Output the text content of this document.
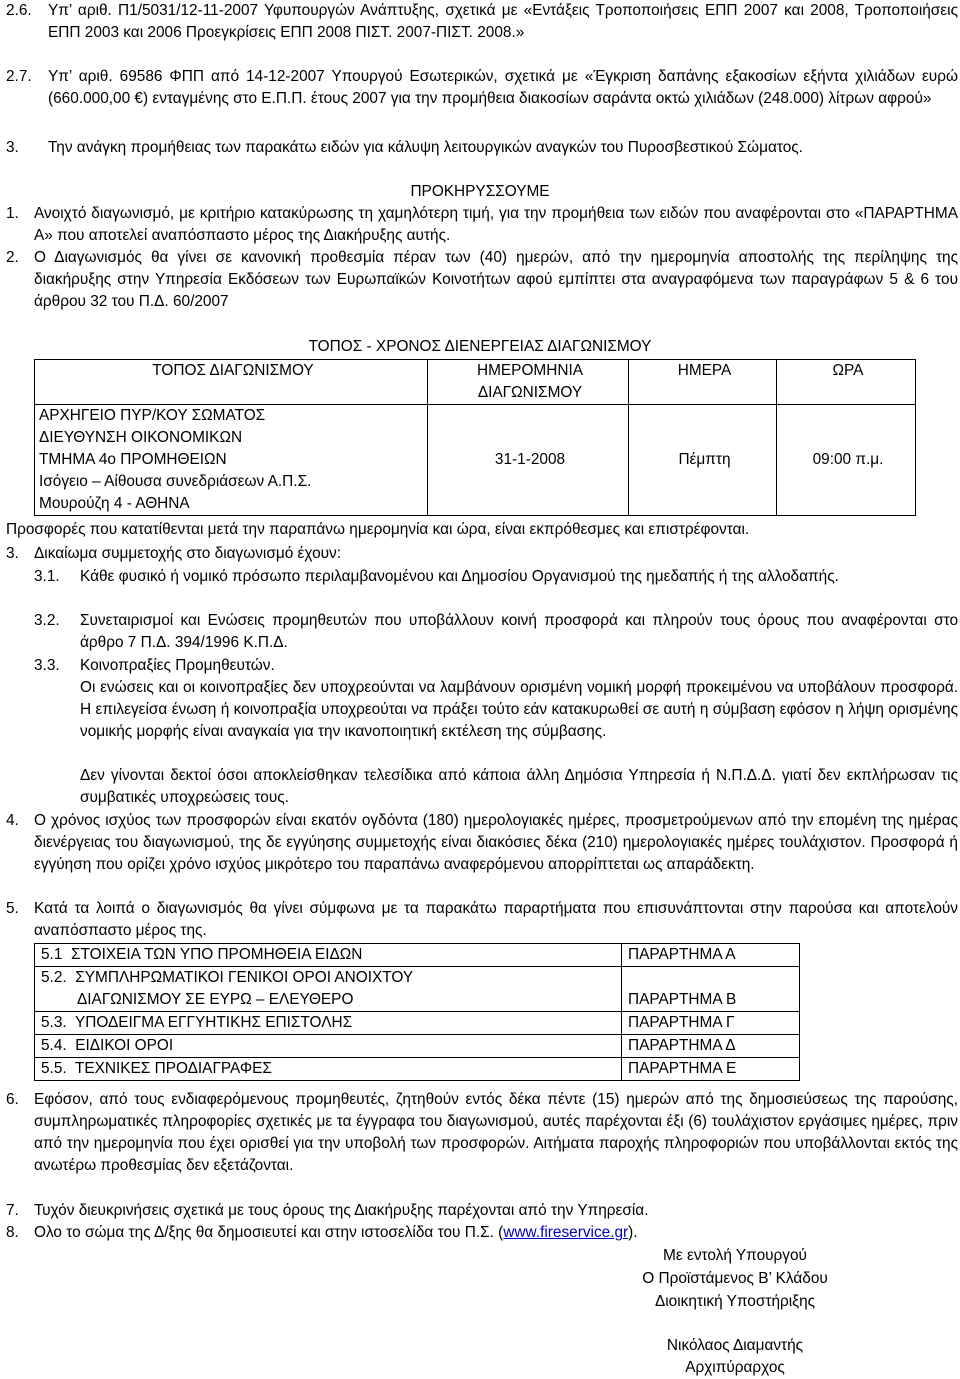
2.6. Υπ’ αριθ. Π1/5031/12-11-2007 Υφυπουργών Ανάπτυξης, σχετικά με «Εντάξεις Τροποποιήσεις ΕΠΠ 2007 και 2008, Τροποποιήσεις ΕΠΠ 2003 και 2006 Προεγκρίσεις ΕΠΠ 2008 ΠΙΣΤ. 2007-ΠΙΣΤ. 2008.»
2.7. Υπ’ αριθ. 69586 ΦΠΠ από 14-12-2007 Υπουργού Εσωτερικών, σχετικά με «Έγκριση δαπάνης εξακοσίων εξήντα χιλιάδων ευρώ (660.000,00 €) ενταγμένης στο Ε.Π.Π. έτους 2007 για την προμήθεια διακοσίων σαράντα οκτώ χιλιάδων (248.000) λίτρων αφρού»
3. Την ανάγκη προμήθειας των παρακάτω ειδών για κάλυψη λειτουργικών αναγκών του Πυροσβεστικού Σώματος.
ΠΡΟΚΗΡΥΣΣΟΥΜΕ
1. Ανοιχτό διαγωνισμό, με κριτήριο κατακύρωσης τη χαμηλότερη τιμή, για την προμήθεια των ειδών που αναφέρονται στο «ΠΑΡΑΡΤΗΜΑ Α» που αποτελεί αναπόσπαστο μέρος της Διακήρυξης αυτής.
2. Ο Διαγωνισμός θα γίνει σε κανονική προθεσμία πέραν των (40) ημερών, από την ημερομηνία αποστολής της περίληψης της διακήρυξης στην Υπηρεσία Εκδόσεων των Ευρωπαϊκών Κοινοτήτων αφού εμπίπτει στα αναγραφόμενα των παραγράφων 5 & 6 του άρθρου 32 του Π.Δ. 60/2007
ΤΟΠΟΣ - ΧΡΟΝΟΣ ΔΙΕΝΕΡΓΕΙΑΣ ΔΙΑΓΩΝΙΣΜΟΥ
ΤΟΠΟΣ ΔΙΑΓΩΝΙΣΜΟΥ	ΗΜΕΡΟΜΗΝΙΑ ΔΙΑΓΩΝΙΣΜΟΥ	ΗΜΕΡΑ	ΩΡΑ

ΑΡΧΗΓΕΙΟ ΠΥΡ/ΚΟΥ ΣΩΜΑΤΟΣ
ΔΙΕΥΘΥΝΣΗ ΟΙΚΟΝΟΜΙΚΩΝ
ΤΜΗΜΑ 4ο ΠΡΟΜΗΘΕΙΩΝ
Ισόγειο – Αίθουσα συνεδριάσεων Α.Π.Σ.
Μουρούζη 4 - ΑΘΗΝΑ	31-1-2008	Πέμπτη	09:00 π.μ.
Προσφορές που κατατίθενται μετά την παραπάνω ημερομηνία και ώρα, είναι εκπρόθεσμες και επιστρέφονται.
3. Δικαίωμα συμμετοχής στο διαγωνισμό έχουν:
3.1. Κάθε φυσικό ή νομικό πρόσωπο περιλαμβανομένου και Δημοσίου Οργανισμού της ημεδαπής ή της αλλοδαπής.
3.2. Συνεταιρισμοί και Ενώσεις προμηθευτών που υποβάλλουν κοινή προσφορά και πληρούν τους όρους που αναφέρονται στο άρθρο 7 Π.Δ. 394/1996 Κ.Π.Δ.
3.3. Κοινοπραξίες Προμηθευτών.
Οι ενώσεις και οι κοινοπραξίες δεν υποχρεούνται να λαμβάνουν ορισμένη νομική μορφή προκειμένου να υποβάλουν προσφορά. Η επιλεγείσα ένωση ή κοινοπραξία υποχρεούται να πράξει τούτο εάν κατακυρωθεί σε αυτή η σύμβαση εφόσον η λήψη ορισμένης νομικής μορφής είναι αναγκαία για την ικανοποιητική εκτέλεση της σύμβασης.
Δεν γίνονται δεκτοί όσοι αποκλείσθηκαν τελεσίδικα από κάποια άλλη Δημόσια Υπηρεσία ή Ν.Π.Δ.Δ. γιατί δεν εκπλήρωσαν τις συμβατικές υποχρεώσεις τους.
4. Ο χρόνος ισχύος των προσφορών είναι εκατόν ογδόντα (180) ημερολογιακές ημέρες, προσμετρούμενων από την επομένη της ημέρας διενέργειας του διαγωνισμού, της δε εγγύησης συμμετοχής είναι διακόσιες δέκα (210) ημερολογιακές ημέρες τουλάχιστον. Προσφορά ή εγγύηση που ορίζει χρόνο ισχύος μικρότερο του παραπάνω αναφερόμενου απορρίπτεται ως απαράδεκτη.
5. Κατά τα λοιπά ο διαγωνισμός θα γίνει σύμφωνα με τα παρακάτω παραρτήματα που επισυνάπτονται στην παρούσα και αποτελούν αναπόσπαστο μέρος της.
5.1 ΣΤΟΙΧΕΙΑ ΤΩΝ ΥΠΟ ΠΡΟΜΗΘΕΙΑ ΕΙΔΩΝ	ΠΑΡΑΡΤΗΜΑ Α

5.2. ΣΥΜΠΛΗΡΩΜΑΤΙΚΟΙ ΓΕΝΙΚΟΙ ΟΡΟΙ ΑΝΟΙΧΤΟΥ
ΔΙΑΓΩΝΙΣΜΟΥ ΣΕ ΕΥΡΩ – ΕΛΕΥΘΕΡΟ	ΠΑΡΑΡΤΗΜΑ Β
5.3. ΥΠΟΔΕΙΓΜΑ ΕΓΓΥΗΤΙΚΗΣ ΕΠΙΣΤΟΛΗΣ	ΠΑΡΑΡΤΗΜΑ Γ
5.4. ΕΙΔΙΚΟΙ ΟΡΟΙ	ΠΑΡΑΡΤΗΜΑ Δ
5.5. ΤΕΧΝΙΚΕΣ ΠΡΟΔΙΑΓΡΑΦΕΣ	ΠΑΡΑΡΤΗΜΑ Ε
6. Εφόσον, από τους ενδιαφερόμενους προμηθευτές, ζητηθούν εντός δέκα πέντε (15) ημερών από της δημοσιεύσεως της παρούσης, συμπληρωματικές πληροφορίες σχετικές με τα έγγραφα του διαγωνισμού, αυτές παρέχονται έξι (6) τουλάχιστον εργάσιμες ημέρες, πριν από την ημερομηνία που έχει ορισθεί για την υποβολή των προσφορών. Αιτήματα παροχής πληροφοριών που υποβάλλονται εκτός της ανωτέρω προθεσμίας δεν εξετάζονται.
7. Τυχόν διευκρινήσεις σχετικά με τους όρους της Διακήρυξης παρέχονται από την Υπηρεσία.
8. Ολο το σώμα της Δ/ξης θα δημοσιευτεί και στην ιστοσελίδα του Π.Σ. (www.fireservice.gr).
Με εντολή Υπουργού
Ο Προϊστάμενος Β’ Κλάδου
Διοικητική Υποστήριξης
Νικόλαος Διαμαντής
Αρχιπύραρχος
